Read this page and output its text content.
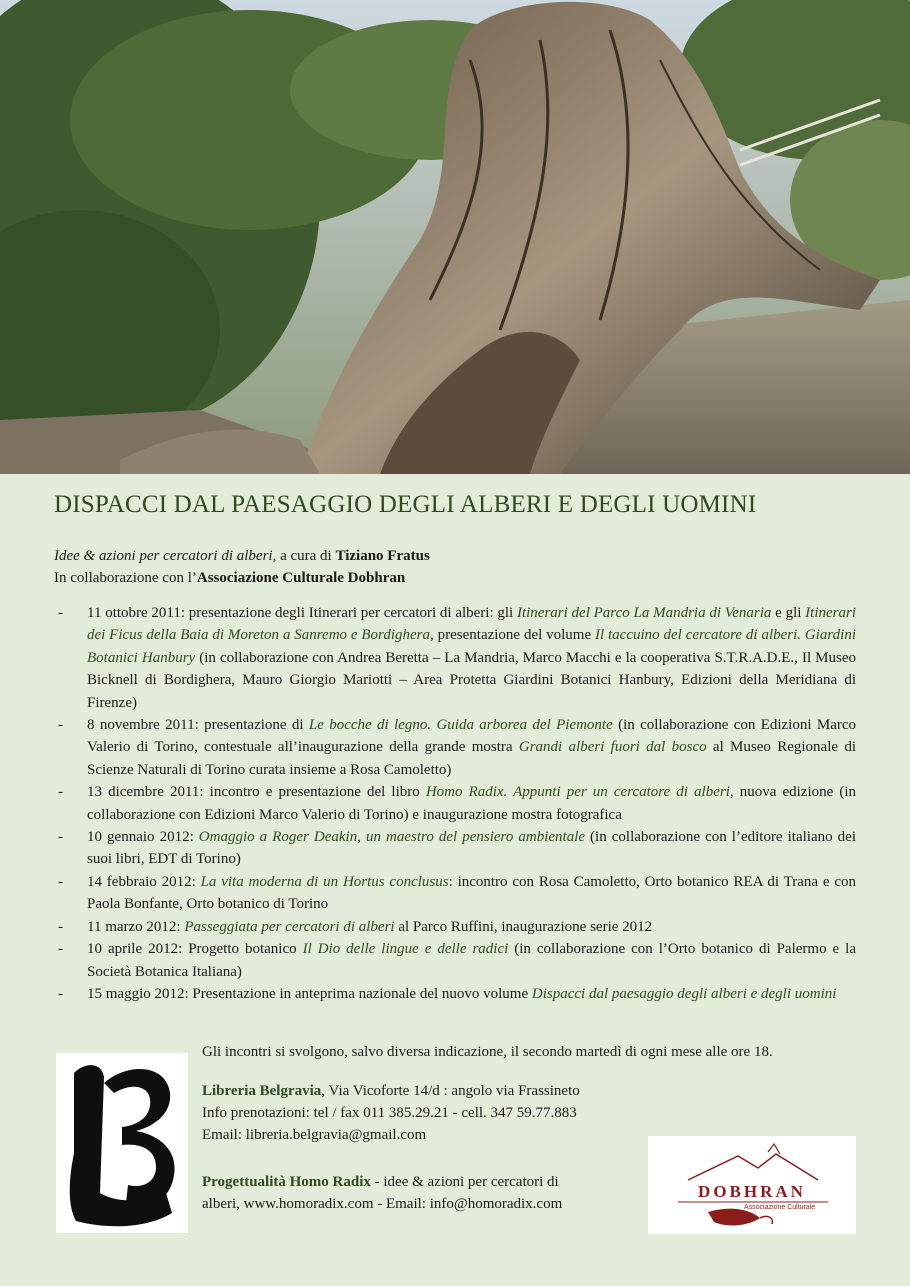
DISPACCI DAL PAESAGGIO DEGLI ALBERI E DEGLI UOMINI
Idee & azioni per cercatori di alberi, a cura di Tiziano Fratus
In collaborazione con l’Associazione Culturale Dobhran
- 11 ottobre 2011: presentazione degli Itinerari per cercatori di alberi: gli Itinerari del Parco La Mandria di Venaria e gli Itinerari dei Ficus della Baia di Moreton a Sanremo e Bordighera, presentazione del volume Il taccuino del cercatore di alberi. Giardini Botanici Hanbury (in collaborazione con Andrea Beretta – La Mandria, Marco Macchi e la cooperativa S.T.R.A.D.E., Il Museo Bicknell di Bordighera, Mauro Giorgio Mariotti – Area Protetta Giardini Botanici Hanbury, Edizioni della Meridiana di Firenze)
- 8 novembre 2011: presentazione di Le bocche di legno. Guida arborea del Piemonte (in collaborazione con Edizioni Marco Valerio di Torino, contestuale all’inaugurazione della grande mostra Grandi alberi fuori dal bosco al Museo Regionale di Scienze Naturali di Torino curata insieme a Rosa Camoletto)
- 13 dicembre 2011: incontro e presentazione del libro Homo Radix. Appunti per un cercatore di alberi, nuova edizione (in collaborazione con Edizioni Marco Valerio di Torino) e inaugurazione mostra fotografica
- 10 gennaio 2012: Omaggio a Roger Deakin, un maestro del pensiero ambientale (in collaborazione con l’editore italiano dei suoi libri, EDT di Torino)
- 14 febbraio 2012: La vita moderna di un Hortus conclusus: incontro con Rosa Camoletto, Orto botanico REA di Trana e con Paola Bonfante, Orto botanico di Torino
- 11 marzo 2012: Passeggiata per cercatori di alberi al Parco Ruffini, inaugurazione serie 2012
- 10 aprile 2012: Progetto botanico Il Dio delle lingue e delle radici (in collaborazione con l’Orto botanico di Palermo e la Società Botanica Italiana)
- 15 maggio 2012: Presentazione in anteprima nazionale del nuovo volume Dispacci dal paesaggio degli alberi e degli uomini
Gli incontri si svolgono, salvo diversa indicazione, il secondo martedì di ogni mese alle ore 18.
Libreria Belgravia, Via Vicoforte 14/d : angolo via Frassineto
Info prenotazioni: tel / fax 011 385.29.21 - cell. 347 59.77.883
Email: libreria.belgravia@gmail.com
Progettualità Homo Radix - idee & azioni per cercatori di
alberi, www.homoradix.com - Email: info@homoradix.com
DOBHRAN
Associazione Culturale
